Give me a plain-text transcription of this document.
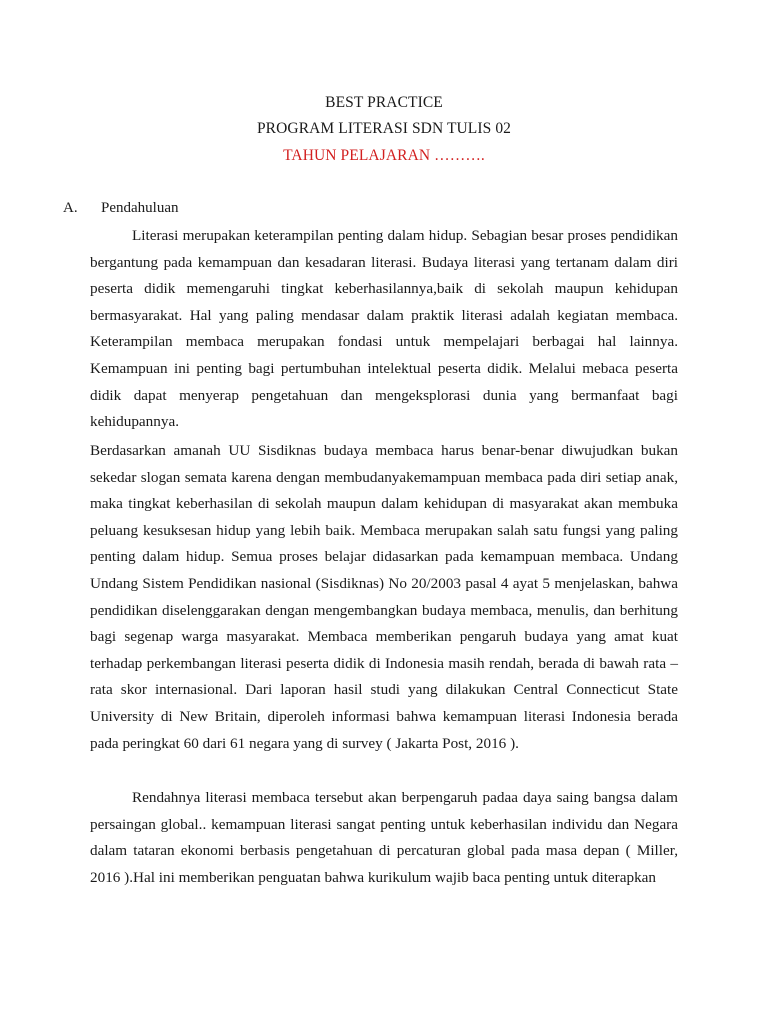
BEST PRACTICE
PROGRAM LITERASI SDN TULIS 02
TAHUN PELAJARAN ……….
A. Pendahuluan

Literasi merupakan keterampilan penting dalam hidup. Sebagian besar proses pendidikan bergantung pada kemampuan dan kesadaran literasi. Budaya literasi yang tertanam dalam diri peserta didik memengaruhi tingkat keberhasilannya,baik di sekolah maupun kehidupan bermasyarakat. Hal yang paling mendasar dalam praktik literasi adalah kegiatan membaca. Keterampilan membaca merupakan fondasi untuk mempelajari berbagai hal lainnya. Kemampuan ini penting bagi pertumbuhan intelektual peserta didik. Melalui mebaca peserta didik dapat menyerap pengetahuan dan mengeksplorasi dunia yang bermanfaat bagi kehidupannya.

Berdasarkan amanah UU Sisdiknas budaya membaca harus benar-benar diwujudkan bukan sekedar slogan semata karena dengan membudanyakemampuan membaca pada diri setiap anak, maka tingkat keberhasilan di sekolah maupun dalam kehidupan di masyarakat akan membuka peluang kesuksesan hidup yang lebih baik. Membaca merupakan salah satu fungsi yang paling penting dalam hidup. Semua proses belajar didasarkan pada kemampuan membaca. Undang Undang Sistem Pendidikan nasional (Sisdiknas) No 20/2003 pasal 4 ayat 5 menjelaskan, bahwa pendidikan diselenggarakan dengan mengembangkan budaya membaca, menulis, dan berhitung bagi segenap warga masyarakat. Membaca memberikan pengaruh budaya yang amat kuat terhadap perkembangan literasi peserta didik di Indonesia masih rendah, berada di bawah rata – rata skor internasional. Dari laporan hasil studi yang dilakukan Central Connecticut State University di New Britain, diperoleh informasi bahwa kemampuan literasi Indonesia berada pada peringkat 60 dari 61 negara yang di survey ( Jakarta Post, 2016 ).

Rendahnya literasi membaca tersebut akan berpengaruh padaa daya saing bangsa dalam persaingan global.. kemampuan literasi sangat penting untuk keberhasilan individu dan Negara dalam tataran ekonomi berbasis pengetahuan di percaturan global pada masa depan ( Miller, 2016 ).Hal ini memberikan penguatan bahwa kurikulum wajib baca penting untuk diterapkan
